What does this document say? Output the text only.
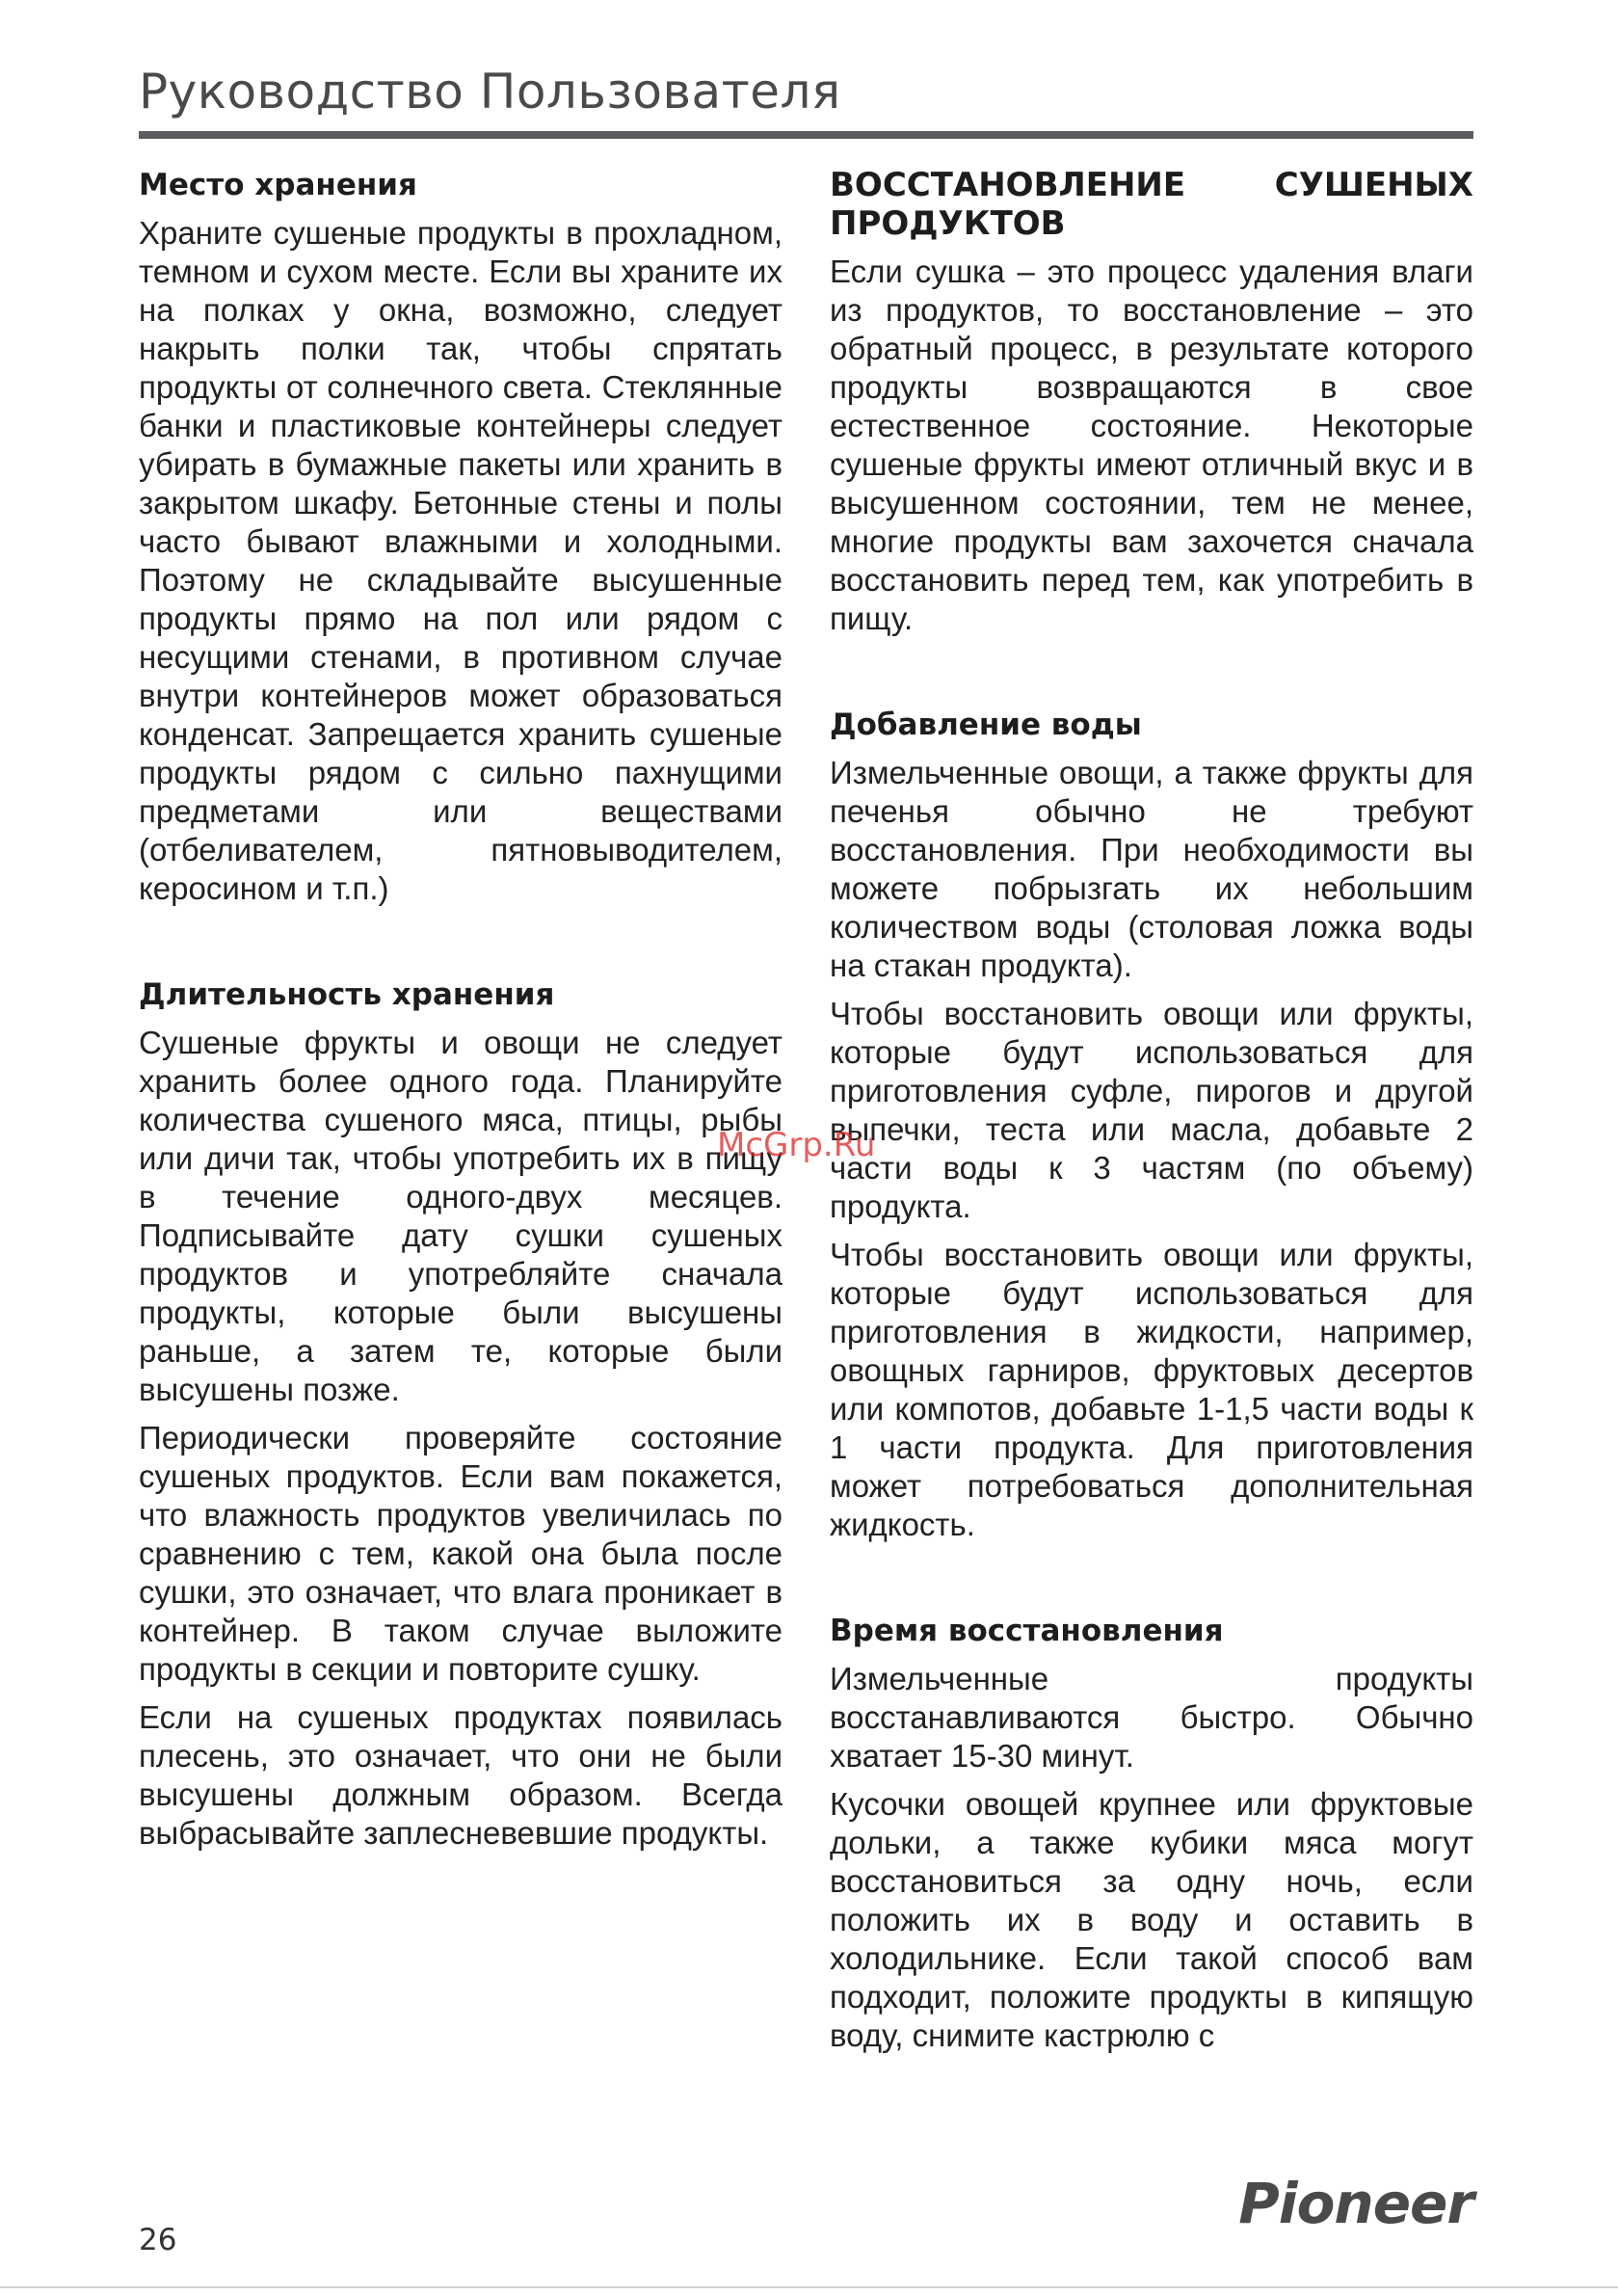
Руководство Пользователя
Место хранения

Храните сушеные продукты в прохладном, темном и сухом месте. Если вы храните их на полках у окна, возможно, следует накрыть полки так, чтобы спрятать продукты от солнечного света. Стеклянные банки и пластиковые контейнеры следует убирать в бумажные пакеты или хранить в закрытом шкафу. Бетонные стены и полы часто бывают влажными и холодными. Поэтому не складывайте высушенные продукты прямо на пол или рядом с несущими стенами, в противном случае внутри контейнеров может образоваться конденсат. Запрещается хранить сушеные продукты рядом с сильно пахнущими предметами или веществами (отбеливателем, пятновыводителем, керосином и т.п.)

Длительность хранения

Сушеные фрукты и овощи не следует хранить более одного года. Планируйте количества сушеного мяса, птицы, рыбы или дичи так, чтобы употребить их в пищу в течение одного-двух месяцев. Подписывайте дату сушки сушеных продуктов и употребляйте сначала продукты, которые были высушены раньше, а затем те, которые были высушены позже.

Периодически проверяйте состояние сушеных продуктов. Если вам покажется, что влажность продуктов увеличилась по сравнению с тем, какой она была после сушки, это означает, что влага проникает в контейнер. В таком случае выложите продукты в секции и повторите сушку.

Если на сушеных продуктах появилась плесень, это означает, что они не были высушены должным образом. Всегда выбрасывайте заплесневевшие продукты.

ВОССТАНОВЛЕНИЕ СУШЕНЫХ ПРОДУКТОВ

Если сушка – это процесс удаления влаги из продуктов, то восстановление – это обратный процесс, в результате которого продукты возвращаются в свое естественное состояние. Некоторые сушеные фрукты имеют отличный вкус и в высушенном состоянии, тем не менее, многие продукты вам захочется сначала восстановить перед тем, как употребить в пищу.

Добавление воды

Измельченные овощи, а также фрукты для печенья обычно не требуют восстановления. При необходимости вы можете побрызгать их небольшим количеством воды (столовая ложка воды на стакан продукта).

Чтобы восстановить овощи или фрукты, которые будут использоваться для приготовления суфле, пирогов и другой выпечки, теста или масла, добавьте 2 части воды к 3 частям (по объему) продукта.

Чтобы восстановить овощи или фрукты, которые будут использоваться для приготовления в жидкости, например, овощных гарниров, фруктовых десертов или компотов, добавьте 1-1,5 части воды к 1 части продукта. Для приготовления может потребоваться дополнительная жидкость.

Время восстановления

Измельченные продукты восстанавливаются быстро. Обычно хватает 15-30 минут.

Кусочки овощей крупнее или фруктовые дольки, а также кубики мяса могут восстановиться за одну ночь, если положить их в воду и оставить в холодильнике. Если такой способ вам подходит, положите продукты в кипящую воду, снимите кастрюлю с

McGrp.Ru
26
Pioneer
